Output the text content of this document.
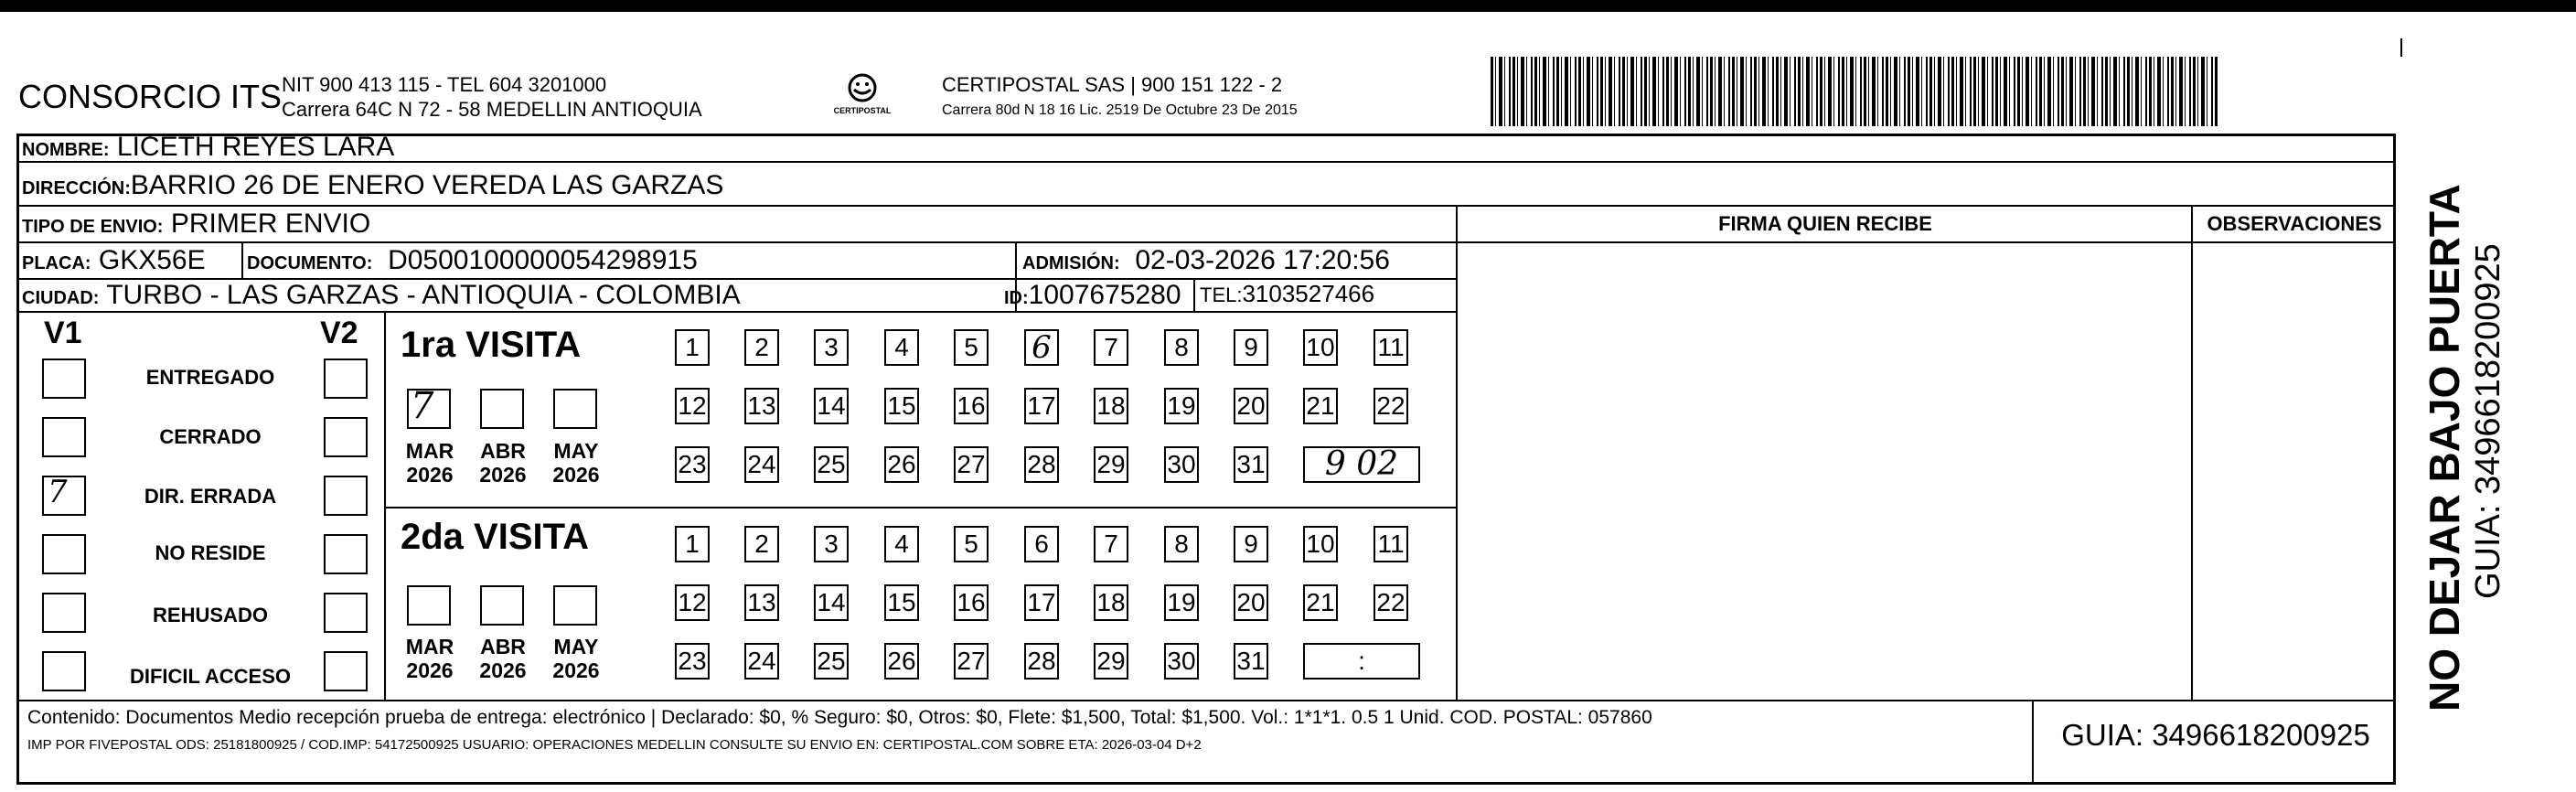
CONSORCIO ITS NIT 900 413 115 - TEL 604 3201000
Carrera 64C N 72 - 58 MEDELLIN ANTIOQUIA	CERTIPOSTAL
CERTIPOSTAL SAS | 900 151 122 - 2
Carrera 80d N 18 16 Lic. 2519 De Octubre 23 De 2015
NOMBRE: LICETH REYES LARA
DIRECCIÓN:BARRIO 26 DE ENERO VEREDA LAS GARZAS
TIPO DE ENVIO: PRIMER ENVIO
PLACA: GKX56E DOCUMENTO: D0500100000054298915	ADMISIÓN: 02-03-2026 17:20:56
CIUDAD: TURBO - LAS GARZAS - ANTIOQUIA - COLOMBIA	ID:1007675280 TEL:3103527466
FIRMA QUIEN RECIBE	OBSERVACIONES
V1	V2
ENTREGADO
CERRADO
7	DIR. ERRADA
NO RESIDE
REHUSADO
DIFICIL ACCESO
1ra VISITA
7
MAR
2026
ABR
2026
MAY
2026
1	2	3	4	5	6	7	8	9	10 11
12 13 14 15 16 17 18 19 20 21 22
23 24 25 26 27 28 29 30 31	9 02
2da VISITA
MAR
2026
ABR
2026
MAY
2026
1	2	3	4	5	6	7	8	9	10 11
12 13 14 15 16 17 18 19 20 21 22
23 24 25 26 27 28 29 30 31	:
Contenido: Documentos Medio recepción prueba de entrega: electrónico | Declarado: $0, % Seguro: $0, Otros: $0, Flete: $1,500, Total: $1,500. Vol.: 1*1*1. 0.5 1 Unid. COD. POSTAL: 057860
IMP POR FIVEPOSTAL ODS: 25181800925 / COD.IMP: 54172500925 USUARIO: OPERACIONES MEDELLIN CONSULTE SU ENVIO EN: CERTIPOSTAL.COM SOBRE ETA: 2026-03-04 D+2	GUIA: 3496618200925
NO DEJAR BAJO PUERTA GUIA: 3496618200925
